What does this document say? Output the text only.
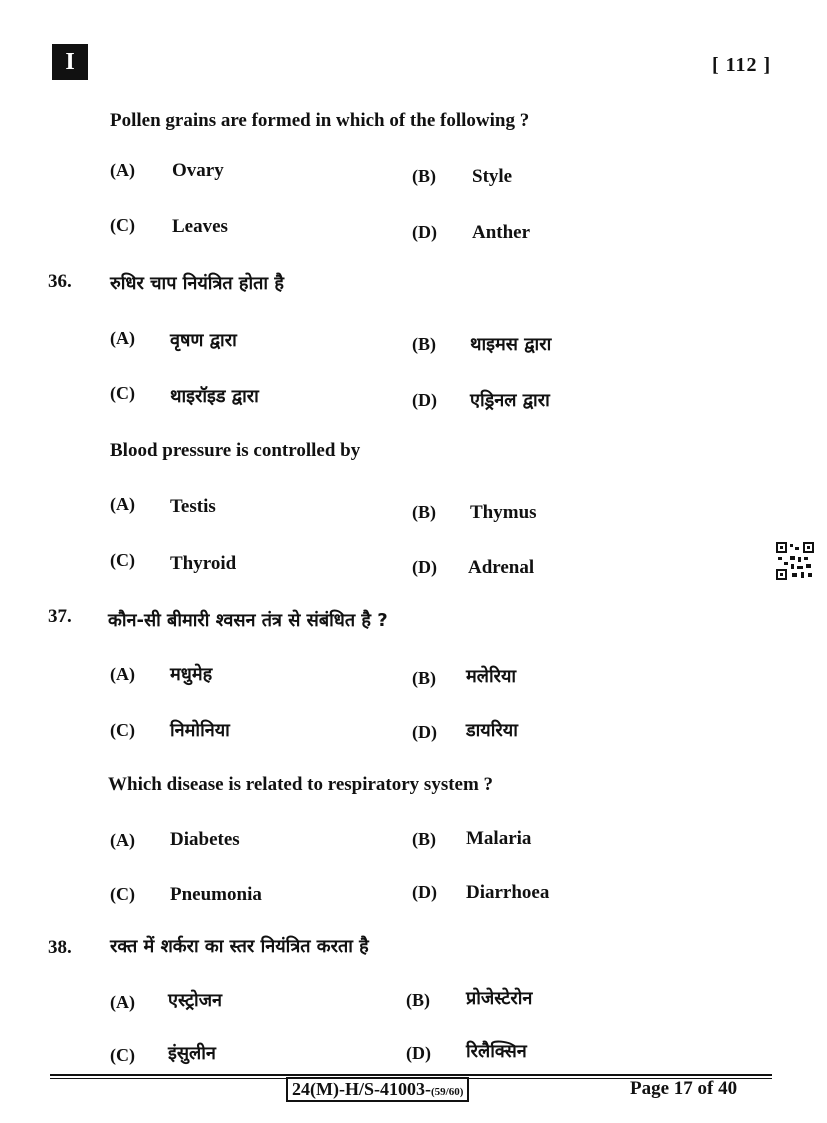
I	[ 112 ]
Pollen grains are formed in which of the following ?
(A) Ovary	(B) Style
(C) Leaves	(D) Anther
36. रुधिर चाप नियंत्रित होता है
(A) वृषण द्वारा	(B) थाइमस द्वारा
(C) थाइरॉइड द्वारा	(D) एड्रिनल द्वारा
Blood pressure is controlled by
(A) Testis	(B) Thymus
(C) Thyroid	(D) Adrenal
37. कौन-सी बीमारी श्वसन तंत्र से संबंधित है ?
(A) मधुमेह	(B) मलेरिया
(C) निमोनिया	(D) डायरिया
Which disease is related to respiratory system ?
(A) Diabetes	(B) Malaria
(C) Pneumonia	(D) Diarrhoea
38. रक्त में शर्करा का स्तर नियंत्रित करता है
(A) एस्ट्रोजन	(B) प्रोजेस्टेरोन
(C) इंसुलीन	(D) रिलैक्सिन
24(M)-H/S-41003-(59/60)	Page 17 of 40
